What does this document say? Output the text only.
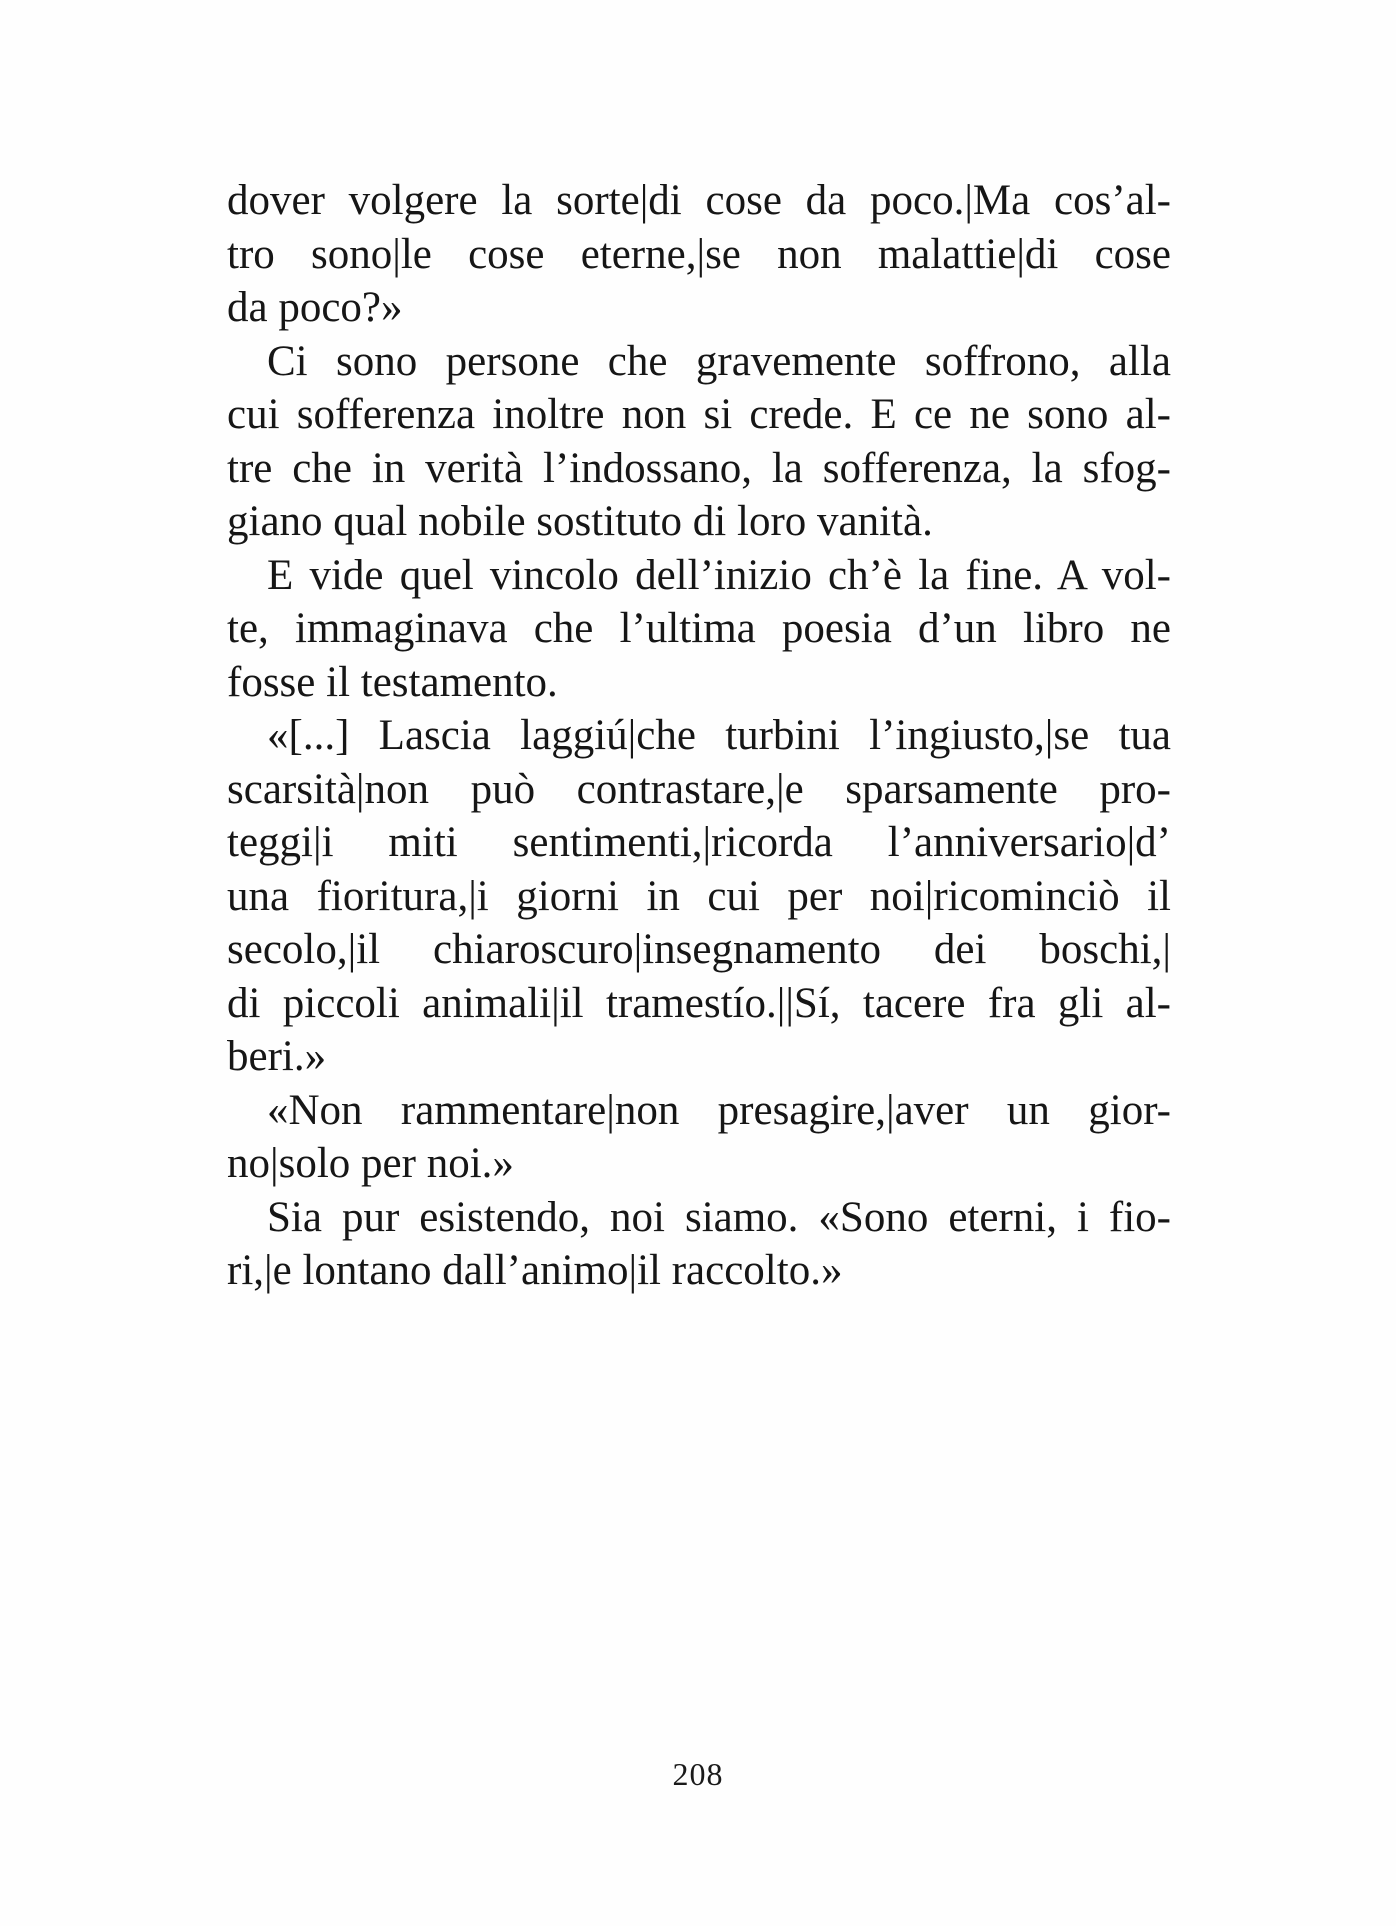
dover volgere la sorte|di cose da poco.|Ma cos’al-
tro sono|le cose eterne,|se non malattie|di cose
da poco?»
Ci sono persone che gravemente soffrono, alla
cui sofferenza inoltre non si crede. E ce ne sono al-
tre che in verità l’indossano, la sofferenza, la sfog-
giano qual nobile sostituto di loro vanità.
E vide quel vincolo dell’inizio ch’è la fine. A vol-
te, immaginava che l’ultima poesia d’un libro ne
fosse il testamento.
«[...] Lascia laggiú|che turbini l’ingiusto,|se tua
scarsità|non può contrastare,|e sparsamente pro-
teggi|i miti sentimenti,|ricorda l’anniversario|d’
una fioritura,|i giorni in cui per noi|ricominciò il
secolo,|il chiaroscuro|insegnamento dei boschi,|
di piccoli animali|il tramestío.||Sí, tacere fra gli al-
beri.»
«Non rammentare|non presagire,|aver un gior-
no|solo per noi.»
Sia pur esistendo, noi siamo. «Sono eterni, i fio-
ri,|e lontano dall’animo|il raccolto.»
208
